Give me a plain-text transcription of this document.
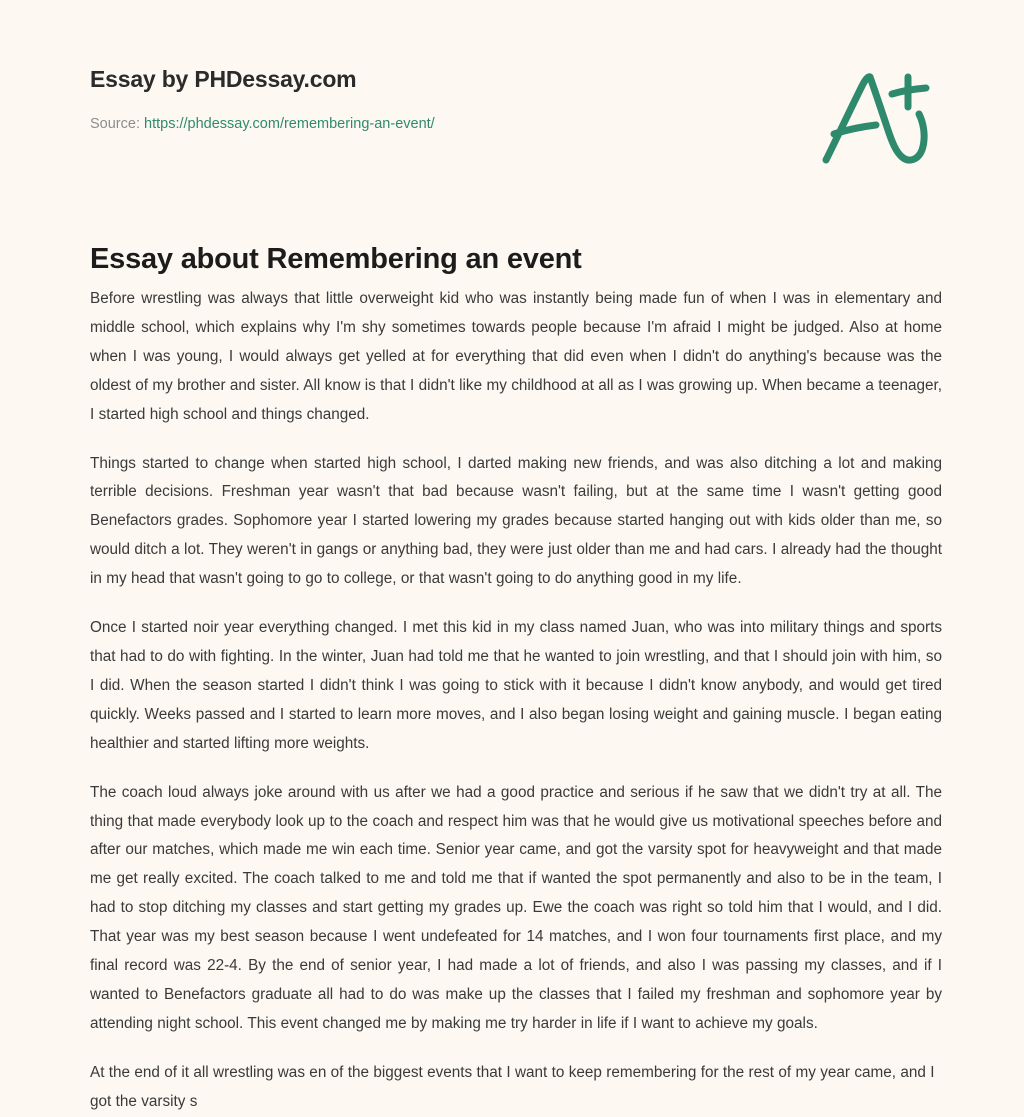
Essay by PHDessay.com
Source: https://phdessay.com/remembering-an-event/
Essay about Remembering an event

Before wrestling was always that little overweight kid who was instantly being made fun of when I was in elementary and middle school, which explains why I'm shy sometimes towards people because I'm afraid I might be judged. Also at home when I was young, I would always get yelled at for everything that did even when I didn't do anything's because was the oldest of my brother and sister. All know is that I didn't like my childhood at all as I was growing up. When became a teenager, I started high school and things changed.

Things started to change when started high school, I darted making new friends, and was also ditching a lot and making terrible decisions. Freshman year wasn't that bad because wasn't failing, but at the same time I wasn't getting good Benefactors grades. Sophomore year I started lowering my grades because started hanging out with kids older than me, so would ditch a lot. They weren't in gangs or anything bad, they were just older than me and had cars. I already had the thought in my head that wasn't going to go to college, or that wasn't going to do anything good in my life.

Once I started noir year everything changed. I met this kid in my class named Juan, who was into military things and sports that had to do with fighting. In the winter, Juan had told me that he wanted to join wrestling, and that I should join with him, so I did. When the season started I didn't think I was going to stick with it because I didn't know anybody, and would get tired quickly. Weeks passed and I started to learn more moves, and I also began losing weight and gaining muscle. I began eating healthier and started lifting more weights.

The coach loud always joke around with us after we had a good practice and serious if he saw that we didn't try at all. The thing that made everybody look up to the coach and respect him was that he would give us motivational speeches before and after our matches, which made me win each time. Senior year came, and got the varsity spot for heavyweight and that made me get really excited. The coach talked to me and told me that if wanted the spot permanently and also to be in the team, I had to stop ditching my classes and start getting my grades up. Ewe the coach was right so told him that I would, and I did. That year was my best season because I went undefeated for 14 matches, and I won four tournaments first place, and my final record was 22-4. By the end of senior year, I had made a lot of friends, and also I was passing my classes, and if I wanted to Benefactors graduate all had to do was make up the classes that I failed my freshman and sophomore year by attending night school. This event changed me by making me try harder in life if I want to achieve my goals.

At the end of it all wrestling was en of the biggest events that I want to keep remembering for the rest of my year came, and I got the varsity s
